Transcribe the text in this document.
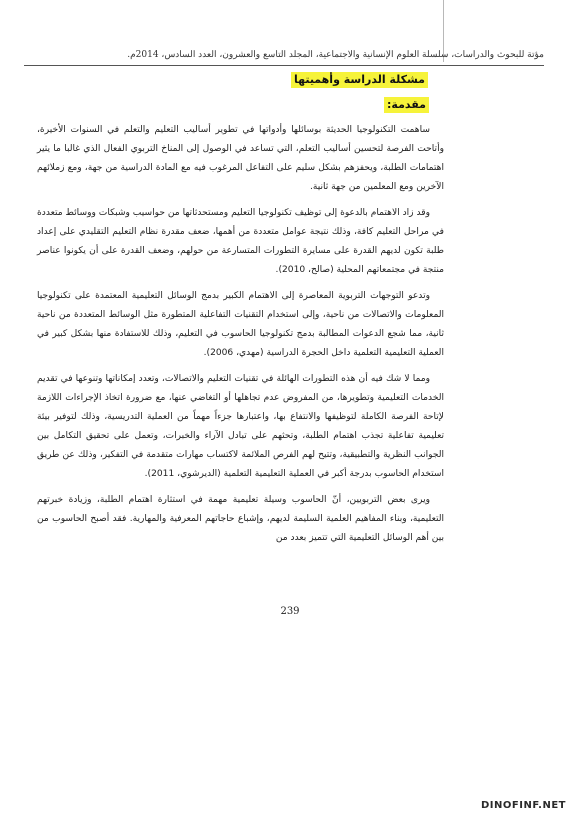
مؤتة للبحوث والدراسات، سلسلة العلوم الإنسانية والاجتماعية، المجلد التاسع والعشرون، العدد السادس، 2014م.
مشكلة الدراسة وأهميتها
مقدمة:

ساهمت التكنولوجيا الحديثة بوسائلها وأدواتها في تطوير أساليب التعليم والتعلم في السنوات الأخيرة، وأتاحت الفرصة لتحسين أساليب التعلم، التي تساعد في الوصول إلى المناخ التربوي الفعال الذي غالبا ما يثير اهتمامات الطلبة، ويحفزهم بشكل سليم على التفاعل المرغوب فيه مع المادة الدراسية من جهة، ومع زملائهم الآخرين ومع المعلمين من جهة ثانية.

وقد زاد الاهتمام بالدعوة إلى توظيف تكنولوجيا التعليم ومستحدثاتها من حواسيب وشبكات ووسائط متعددة في مراحل التعليم كافة، وذلك نتيجة عوامل متعددة من أهمها، ضعف مقدرة نظام التعليم التقليدي على إعداد طلبة تكون لديهم القدرة على مسايرة التطورات المتسارعة من حولهم، وضعف القدرة على أن يكونوا عناصر منتجة في مجتمعاتهم المحلية (صالح، 2010).

وتدعو التوجهات التربوية المعاصرة إلى الاهتمام الكبير بدمج الوسائل التعليمية المعتمدة على تكنولوجيا المعلومات والاتصالات من ناحية، وإلى استخدام التقنيات التفاعلية المتطورة مثل الوسائط المتعددة من ناحية ثانية، مما شجع الدعوات المطالبة بدمج تكنولوجيا الحاسوب في التعليم، وذلك للاستفادة منها بشكل كبير في العملية التعليمية التعلمية داخل الحجرة الدراسية (مهدي، 2006).

ومما لا شك فيه أن هذه التطورات الهائلة في تقنيات التعليم والاتصالات، وتعدد إمكاناتها وتنوعها في تقديم الخدمات التعليمية وتطويرها، من المفروض عدم تجاهلها أو التغاضي عنها، مع ضرورة اتخاذ الإجراءات اللازمة لإتاحة الفرصة الكاملة لتوظيفها والانتفاع بها، واعتبارها جزءاً مهماً من العملية التدريسية، وذلك لتوفير بيئة تعليمية تفاعلية تجذب اهتمام الطلبة، وتحثهم على تبادل الآراء والخبرات، وتعمل على تحقيق التكامل بين الجوانب النظرية والتطبيقية، وتتيح لهم الفرص الملائمة لاكتساب مهارات متقدمة في التفكير، وذلك عن طريق استخدام الحاسوب بدرجة أكبر في العملية التعليمية التعلمية (الديرشوي، 2011).

ويرى بعض التربويين، أنّ الحاسوب وسيلة تعليمية مهمة في استثارة اهتمام الطلبة، وزيادة خبرتهم التعليمية، وبناء المفاهيم العلمية السليمة لديهم، وإشباع حاجاتهم المعرفية والمهارية. فقد أصبح الحاسوب من بين أهم الوسائل التعليمية التي تتميز بعدد من

239
DINOFINF.NET
